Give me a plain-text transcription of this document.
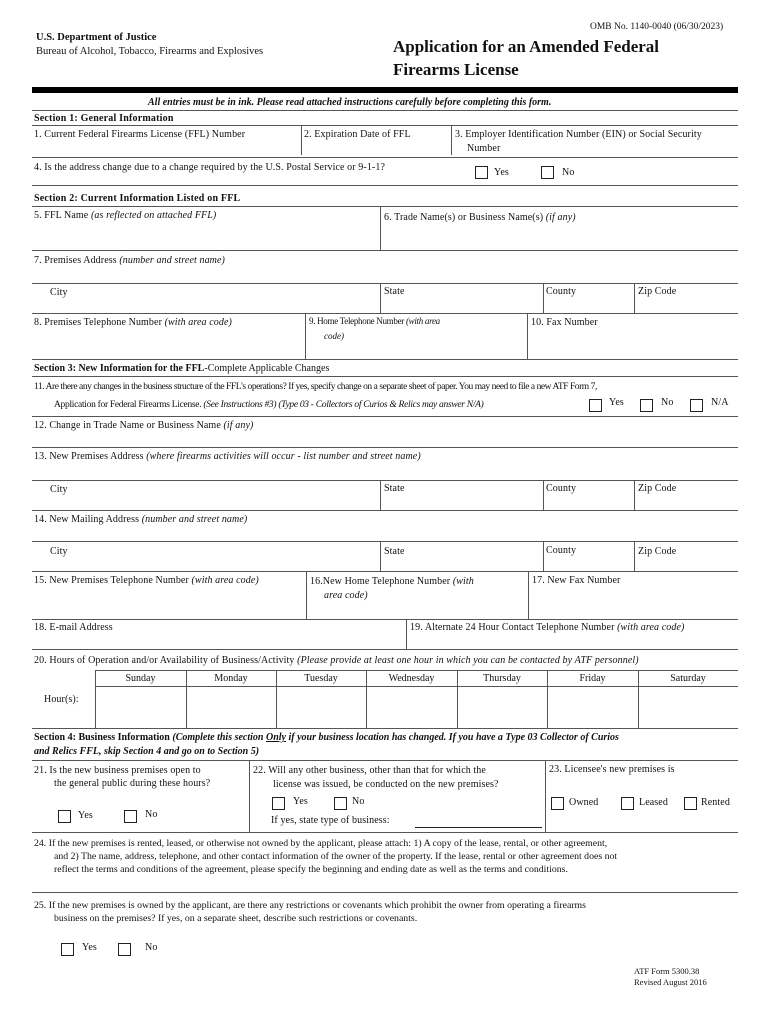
OMB No. 1140-0040 (06/30/2023)
U.S. Department of Justice
Bureau of Alcohol, Tobacco, Firearms and Explosives	Application for an Amended Federal
Firearms License
All entries must be in ink. Please read attached instructions carefully before completing this form.
Section 1: General Information
1. Current Federal Firearms License (FFL) Number	2. Expiration Date of FFL	3. Employer Identification Number (EIN) or Social Security
Number
4. Is the address change due to a change required by the U.S. Postal Service or 9-1-1?	Yes	No
Section 2: Current Information Listed on FFL
5. FFL Name (as reflected on attached FFL)	6. Trade Name(s) or Business Name(s) (if any)
7. Premises Address (number and street name)
City	State	County	Zip Code
8. Premises Telephone Number (with area code)	9. Home Telephone Number (with area
code)
10. Fax Number
Section 3: New Information for the FFL-Complete Applicable Changes
11. Are there any changes in the business structure of the FFL's operations? If yes, specify change on a separate sheet of paper. You may need to file a new ATF Form 7,
Application for Federal Firearms License. (See Instructions #3) (Type 03 - Collectors of Curios & Relics may answer N/A)	Yes	No	N/A
12. Change in Trade Name or Business Name (if any)
13. New Premises Address (where firearms activities will occur - list number and street name)
City	State	County	Zip Code
14. New Mailing Address (number and street name)
City	State	County	Zip Code
15. New Premises Telephone Number (with area code)	16.New Home Telephone Number (with
area code)
17. New Fax Number
18. E-mail Address	19. Alternate 24 Hour Contact Telephone Number (with area code)
20. Hours of Operation and/or Availability of Business/Activity (Please provide at least one hour in which you can be contacted by ATF personnel)
Sunday	Monday	Tuesday	Wednesday	Thursday	Friday	Saturday
Hour(s):
Section 4: Business Information (Complete this section Only if your business location has changed. If you have a Type 03 Collector of Curios
and Relics FFL, skip Section 4 and go on to Section 5)
21. Is the new business premises open to
the general public during these hours?
Yes	No
22. Will any other business, other than that for which the
license was issued, be conducted on the new premises?
Yes	No
If yes, state type of business:
23. Licensee's new premises is
Owned	Leased	Rented
24. If the new premises is rented, leased, or otherwise not owned by the applicant, please attach: 1) A copy of the lease, rental, or other agreement,
and 2) The name, address, telephone, and other contact information of the owner of the property. If the lease, rental or other agreement does not
reflect the terms and conditions of the agreement, please specify the beginning and ending date as well as the terms and conditions.
25. If the new premises is owned by the applicant, are there any restrictions or covenants which prohibit the owner from operating a firearms
business on the premises? If yes, on a separate sheet, describe such restrictions or covenants.
Yes	No
ATF Form 5300.38
Revised August 2016
